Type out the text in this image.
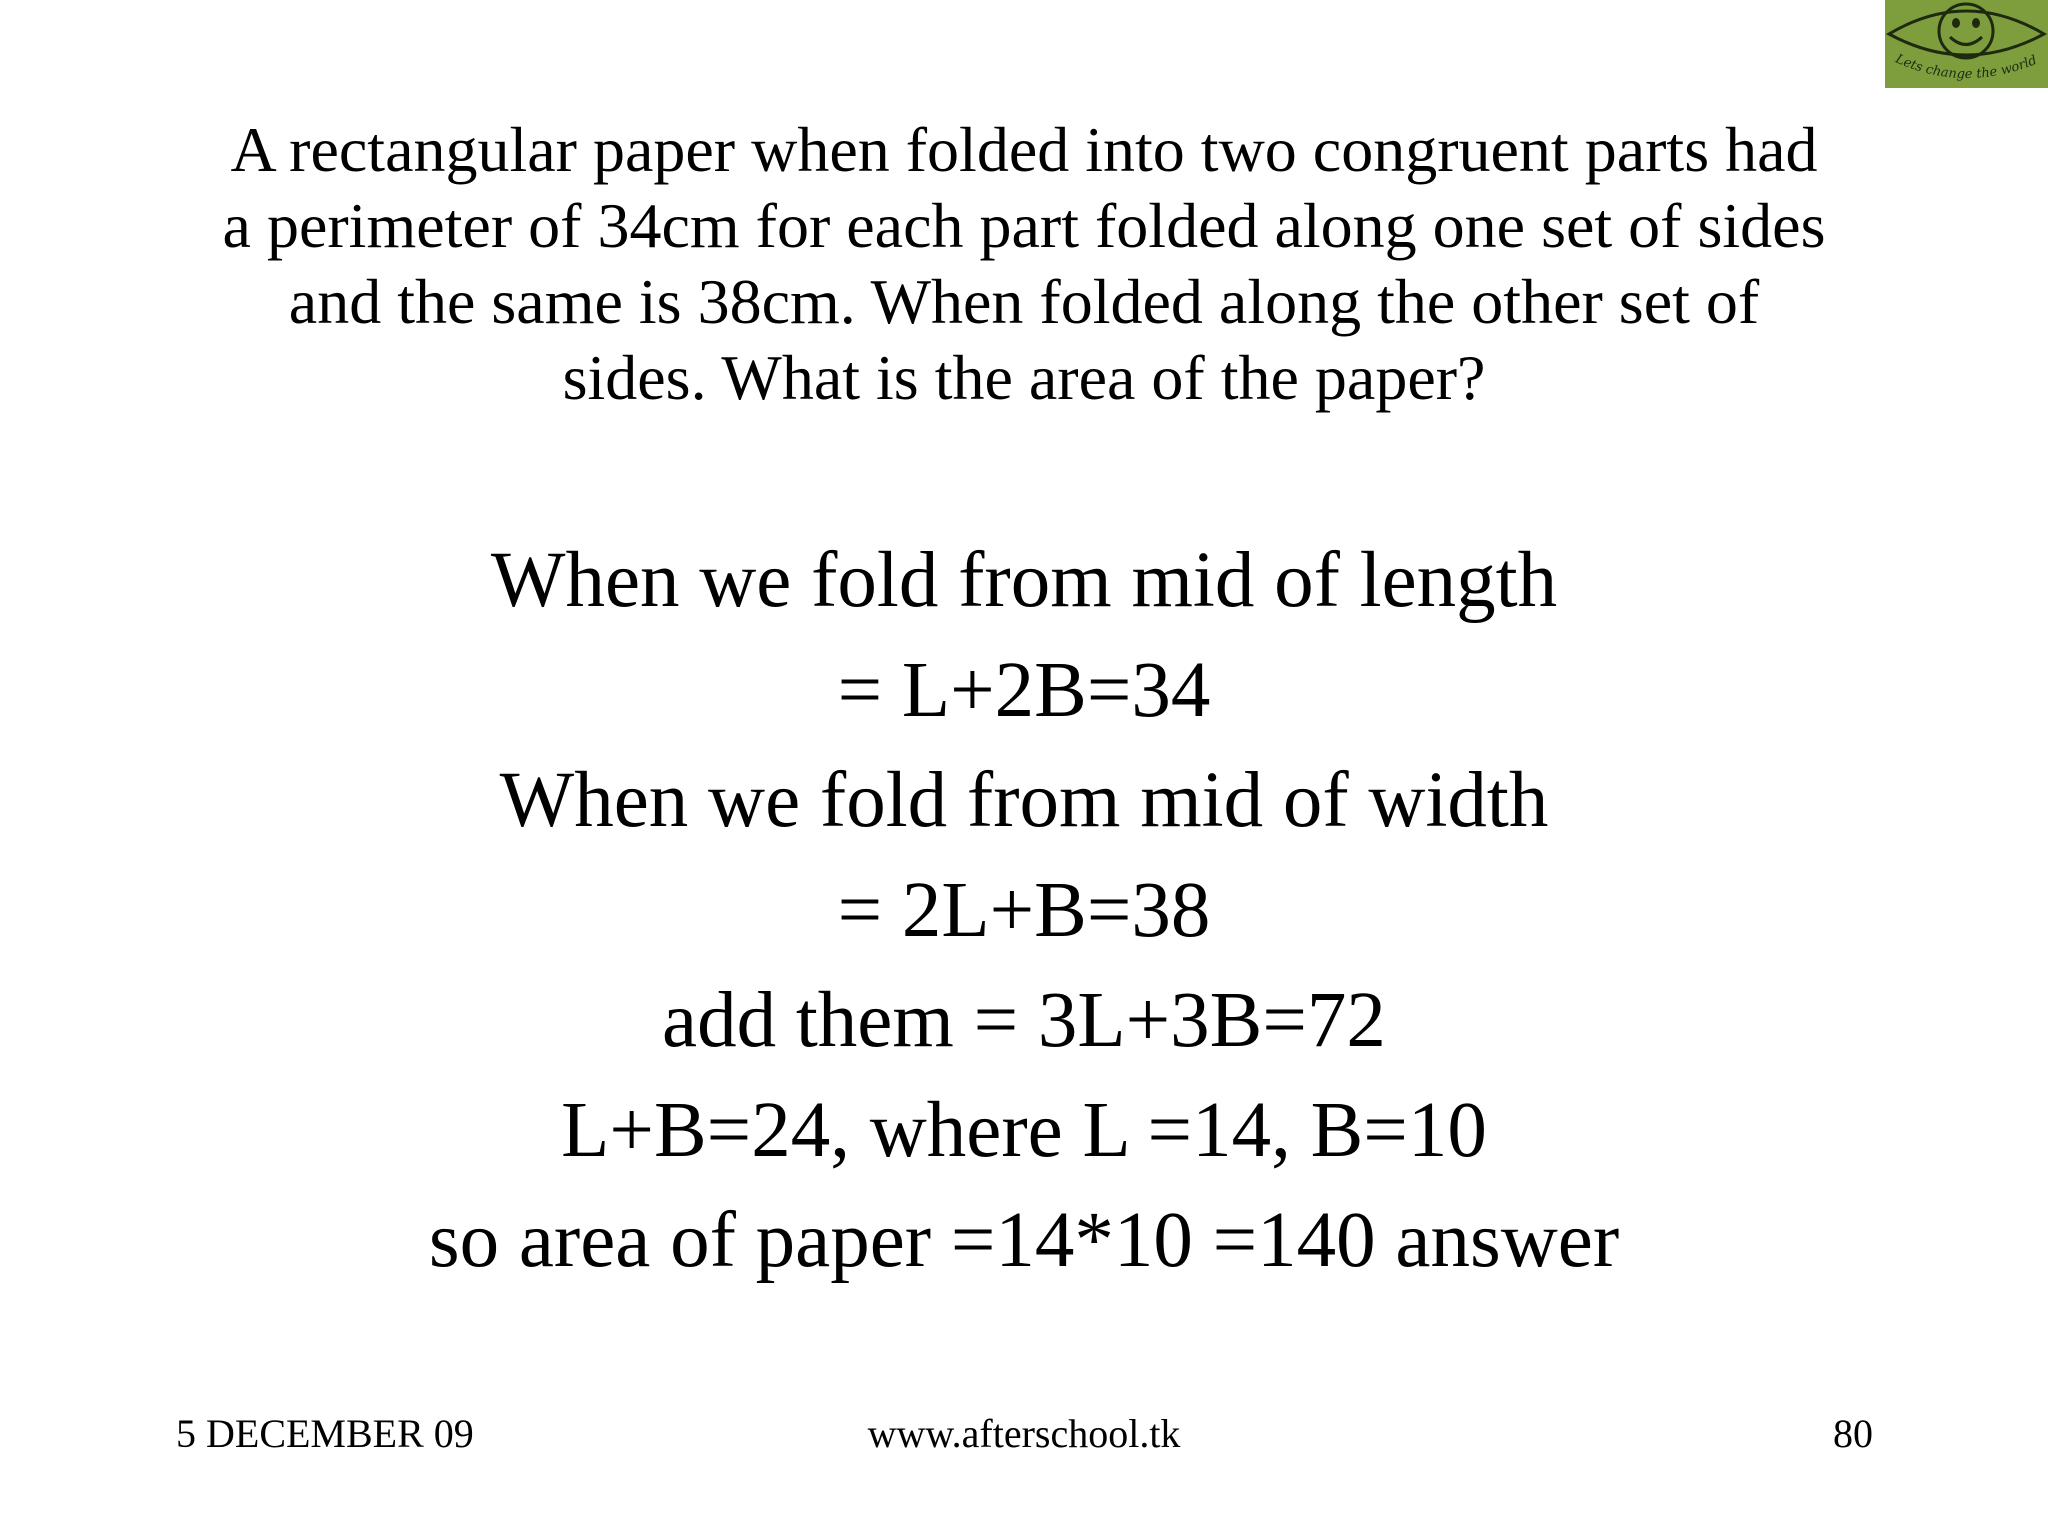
Lets change the world
A rectangular paper when folded into two congruent parts had
a perimeter of 34cm for each part folded along one set of sides
and the same is 38cm. When folded along the other set of
sides. What is the area of the paper?
When we fold from mid of length
= L+2B=34
When we fold from mid of width
= 2L+B=38
add them = 3L+3B=72
L+B=24, where L =14, B=10
so area of paper =14*10 =140 answer
5 DECEMBER 09	www.afterschool.tk	80
